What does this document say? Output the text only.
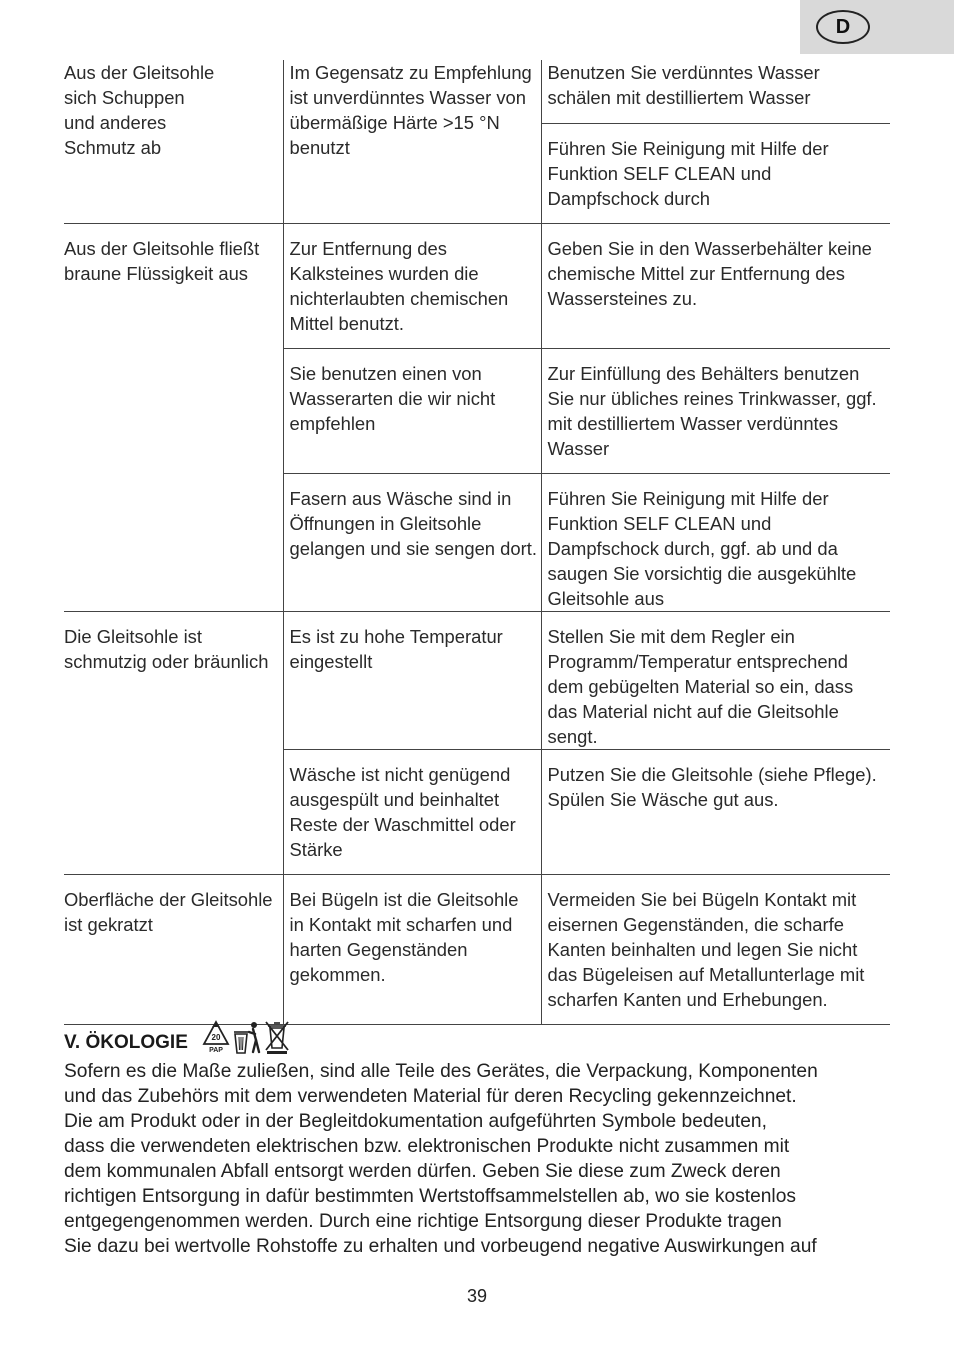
D
Aus der Gleitsohle
sich Schuppen
und anderes
Schmutz ab	Im Gegensatz zu Empfehlung ist unverdünntes Wasser von übermäßige Härte >15 °N benutzt	Benutzen Sie verdünntes Wasser schälen mit destilliertem Wasser
		Führen Sie Reinigung mit Hilfe der Funktion SELF CLEAN und Dampfschock durch
Aus der Gleitsohle fließt braune Flüssigkeit aus	Zur Entfernung des Kalksteines wurden die nichterlaubten chemischen Mittel benutzt.	Geben Sie in den Wasserbehälter keine chemische Mittel zur Entfernung des Wassersteines zu.
	Sie benutzen einen von Wasserarten die wir nicht empfehlen	Zur Einfüllung des Behälters benutzen Sie nur übliches reines Trinkwasser, ggf. mit destilliertem Wasser verdünntes Wasser
	Fasern aus Wäsche sind in Öffnungen in Gleitsohle gelangen und sie sengen dort.	Führen Sie Reinigung mit Hilfe der Funktion SELF CLEAN und Dampfschock durch, ggf. ab und da saugen Sie vorsichtig die ausgekühlte Gleitsohle aus
Die Gleitsohle ist schmutzig oder bräunlich	Es ist zu hohe Temperatur eingestellt	Stellen Sie mit dem Regler ein Programm/Temperatur entsprechend dem gebügelten Material so ein, dass das Material nicht auf die Gleitsohle sengt.
	Wäsche ist nicht genügend ausgespült und beinhaltet Reste der Waschmittel oder Stärke	Putzen Sie die Gleitsohle (siehe Pflege). Spülen Sie Wäsche gut aus.
Oberfläche der Gleitsohle ist gekratzt	Bei Bügeln ist die Gleitsohle in Kontakt mit scharfen und harten Gegenständen gekommen.	Vermeiden Sie bei Bügeln Kontakt mit eisernen Gegenständen, die scharfe Kanten beinhalten und legen Sie nicht das Bügeleisen auf Metallunterlage mit scharfen Kanten und Erhebungen.
V. ÖKOLOGIE	20
PAP

Sofern es die Maße zuließen, sind alle Teile des Gerätes, die Verpackung, Komponenten

und das Zubehörs mit dem verwendeten Material für deren Recycling gekennzeichnet.

Die am Produkt oder in der Begleitdokumentation aufgeführten Symbole bedeuten,

dass die verwendeten elektrischen bzw. elektronischen Produkte nicht zusammen mit

dem kommunalen Abfall entsorgt werden dürfen. Geben Sie diese zum Zweck deren

richtigen Entsorgung in dafür bestimmten Wertstoffsammelstellen ab, wo sie kostenlos

entgegengenommen werden. Durch eine richtige Entsorgung dieser Produkte tragen

Sie dazu bei wertvolle Rohstoffe zu erhalten und vorbeugend negative Auswirkungen auf

39
